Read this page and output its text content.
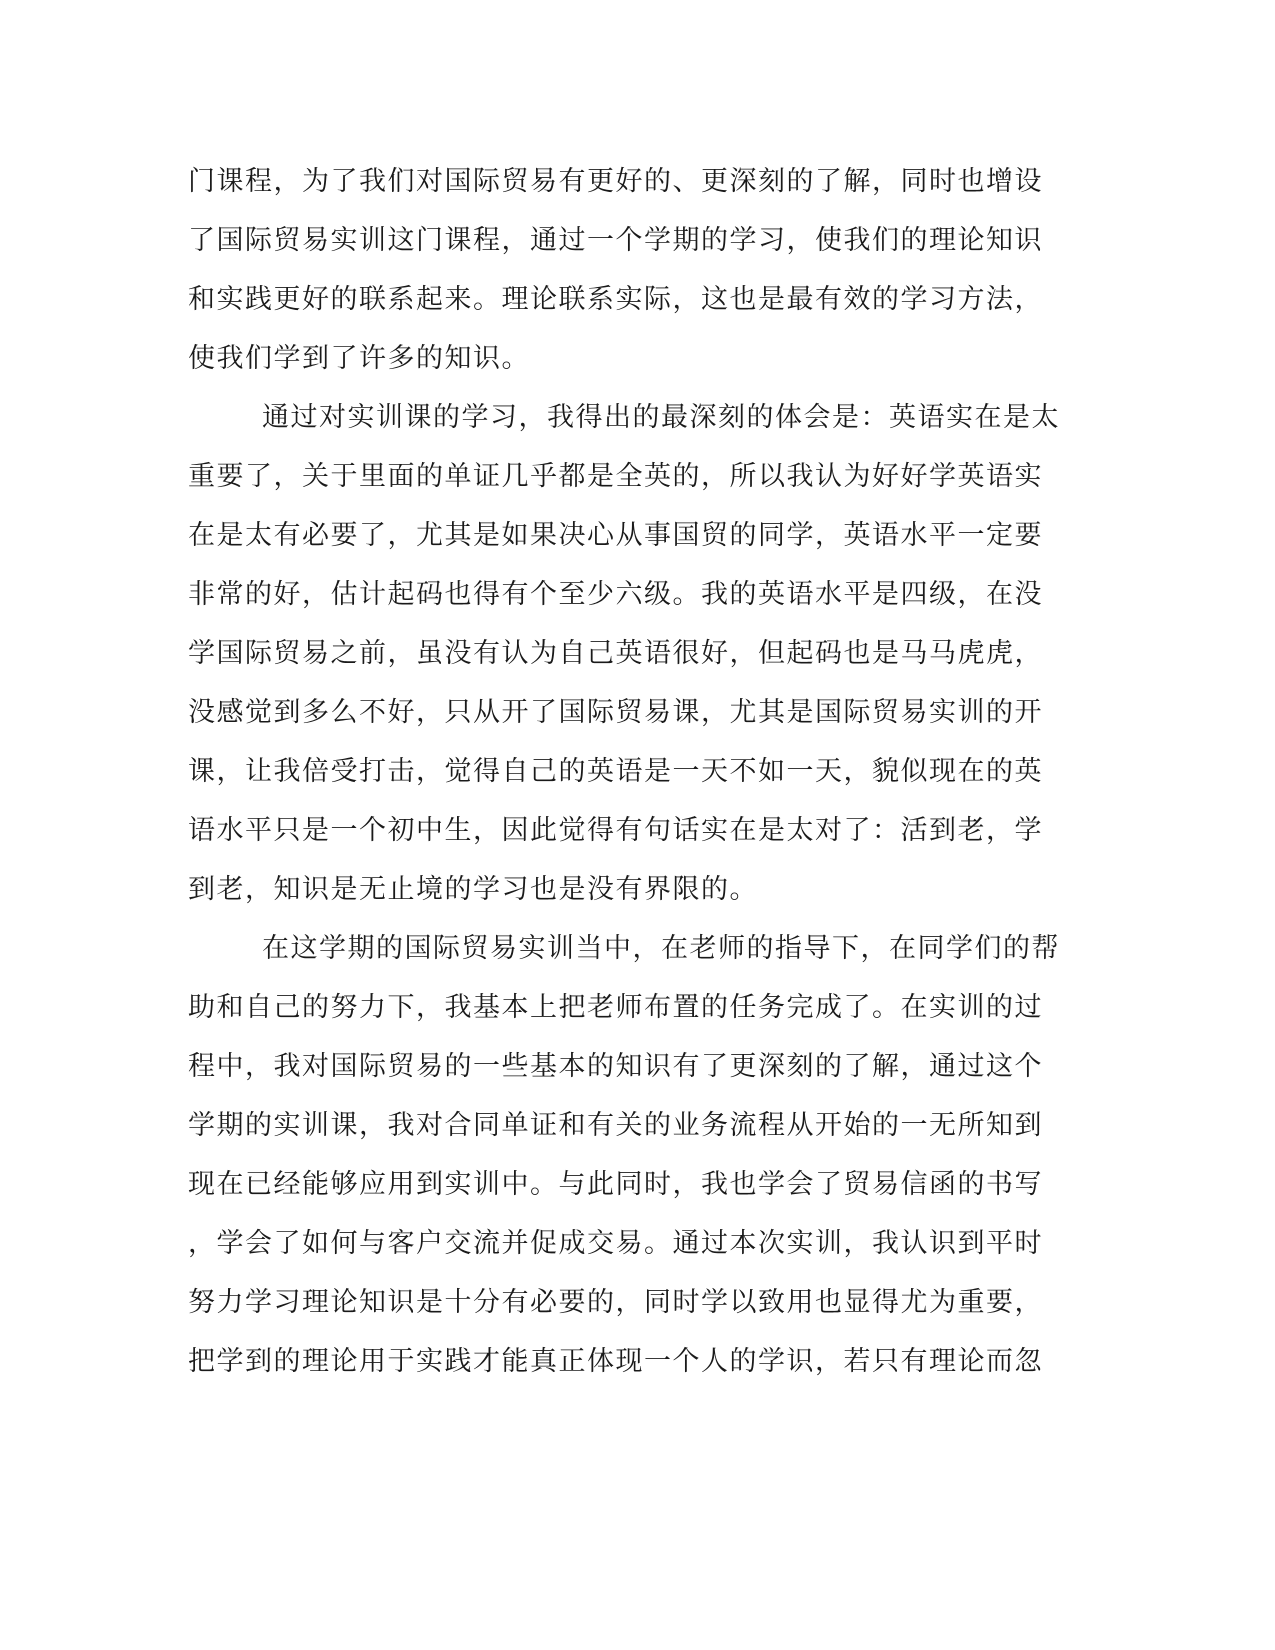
门课程，为了我们对国际贸易有更好的、更深刻的了解，同时也增设
了国际贸易实训这门课程，通过一个学期的学习，使我们的理论知识
和实践更好的联系起来。理论联系实际，这也是最有效的学习方法，
使我们学到了许多的知识。
通过对实训课的学习，我得出的最深刻的体会是：英语实在是太
重要了，关于里面的单证几乎都是全英的，所以我认为好好学英语实
在是太有必要了，尤其是如果决心从事国贸的同学，英语水平一定要
非常的好，估计起码也得有个至少六级。我的英语水平是四级，在没
学国际贸易之前，虽没有认为自己英语很好，但起码也是马马虎虎，
没感觉到多么不好，只从开了国际贸易课，尤其是国际贸易实训的开
课，让我倍受打击，觉得自己的英语是一天不如一天，貌似现在的英
语水平只是一个初中生，因此觉得有句话实在是太对了：活到老，学
到老，知识是无止境的学习也是没有界限的。
在这学期的国际贸易实训当中，在老师的指导下，在同学们的帮
助和自己的努力下，我基本上把老师布置的任务完成了。在实训的过
程中，我对国际贸易的一些基本的知识有了更深刻的了解，通过这个
学期的实训课，我对合同单证和有关的业务流程从开始的一无所知到
现在已经能够应用到实训中。与此同时，我也学会了贸易信函的书写
，学会了如何与客户交流并促成交易。通过本次实训，我认识到平时
努力学习理论知识是十分有必要的，同时学以致用也显得尤为重要，
把学到的理论用于实践才能真正体现一个人的学识，若只有理论而忽
